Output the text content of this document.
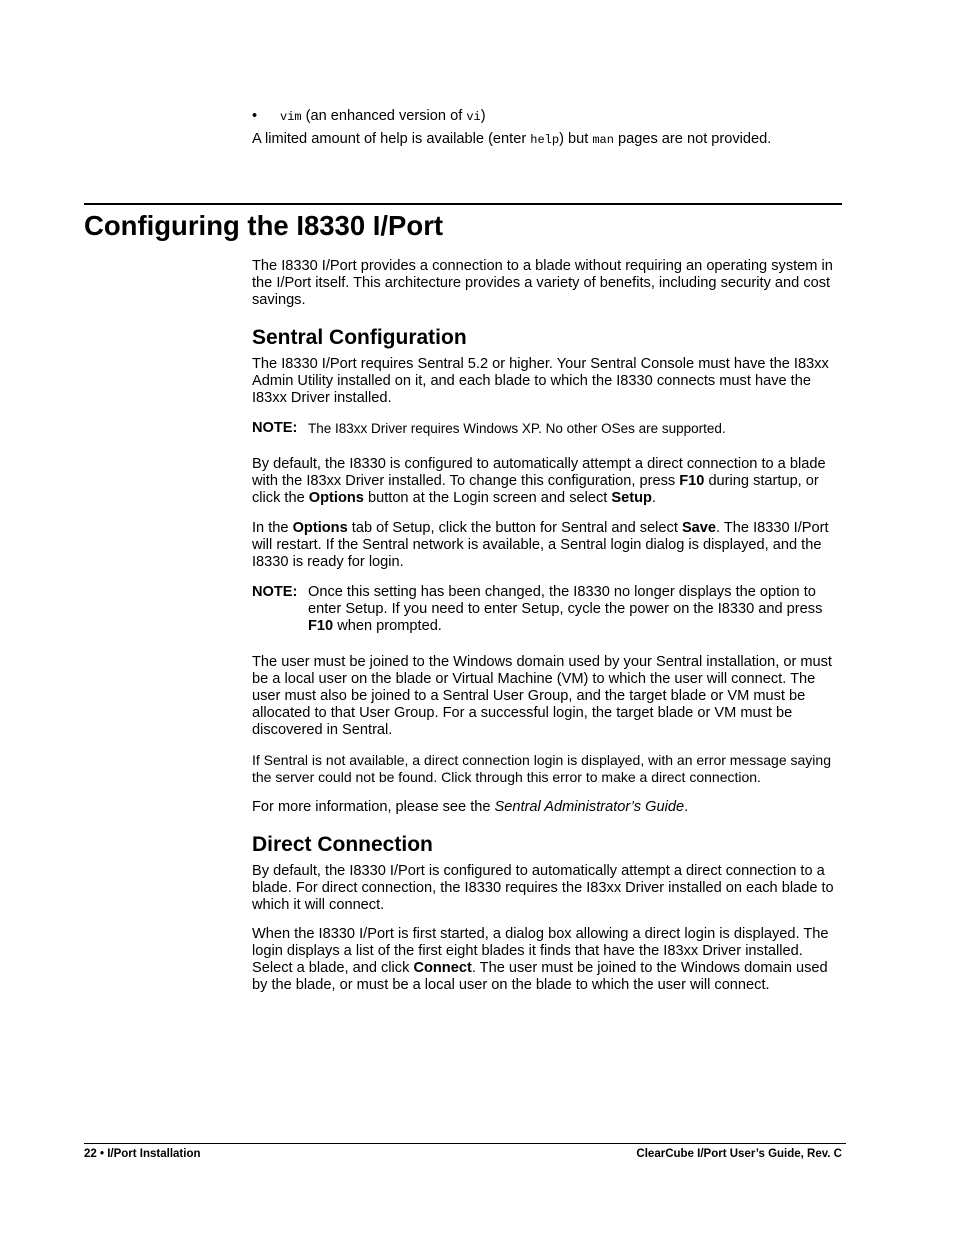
• vim (an enhanced version of vi)

A limited amount of help is available (enter help) but man pages are not provided.

Configuring the I8330 I/Port

The I8330 I/Port provides a connection to a blade without requiring an operating system in the I/Port itself. This architecture provides a variety of benefits, including security and cost savings.

Sentral Configuration

The I8330 I/Port requires Sentral 5.2 or higher. Your Sentral Console must have the I83xx Admin Utility installed on it, and each blade to which the I8330 connects must have the I83xx Driver installed.

NOTE: The I83xx Driver requires Windows XP. No other OSes are supported.

By default, the I8330 is configured to automatically attempt a direct connection to a blade with the I83xx Driver installed. To change this configuration, press F10 during startup, or click the Options button at the Login screen and select Setup.

In the Options tab of Setup, click the button for Sentral and select Save. The I8330 I/Port will restart. If the Sentral network is available, a Sentral login dialog is displayed, and the I8330 is ready for login.

NOTE: Once this setting has been changed, the I8330 no longer displays the option to enter Setup. If you need to enter Setup, cycle the power on the I8330 and press F10 when prompted.

The user must be joined to the Windows domain used by your Sentral installation, or must be a local user on the blade or Virtual Machine (VM) to which the user will connect. The user must also be joined to a Sentral User Group, and the target blade or VM must be allocated to that User Group. For a successful login, the target blade or VM must be discovered in Sentral.

If Sentral is not available, a direct connection login is displayed, with an error message saying the server could not be found. Click through this error to make a direct connection.

For more information, please see the Sentral Administrator’s Guide.

Direct Connection

By default, the I8330 I/Port is configured to automatically attempt a direct connection to a blade. For direct connection, the I8330 requires the I83xx Driver installed on each blade to which it will connect.

When the I8330 I/Port is first started, a dialog box allowing a direct login is displayed. The login displays a list of the first eight blades it finds that have the I83xx Driver installed. Select a blade, and click Connect. The user must be joined to the Windows domain used by the blade, or must be a local user on the blade to which the user will connect.

22 • I/Port Installation	ClearCube I/Port User’s Guide, Rev. C
